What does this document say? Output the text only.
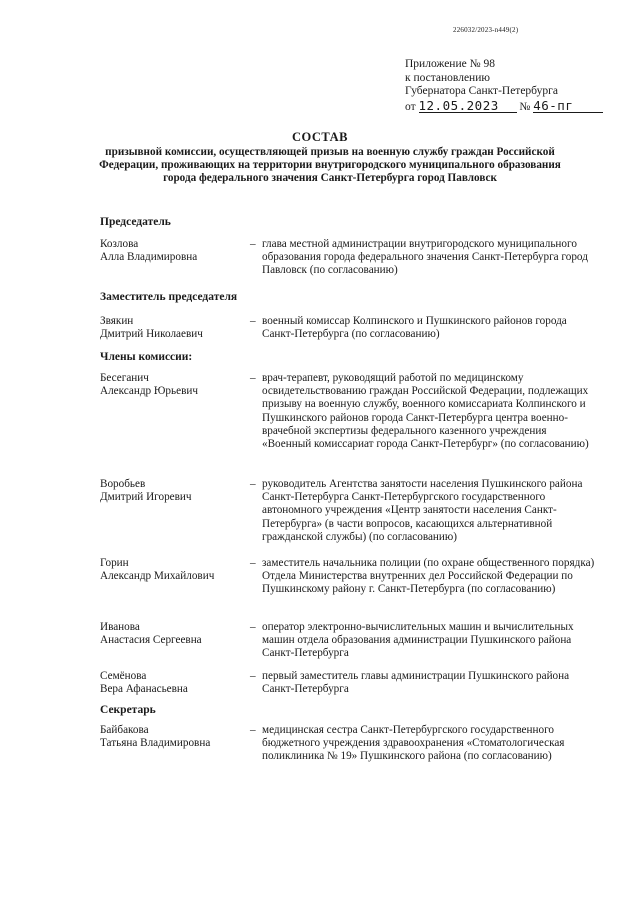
226032/2023-n449(2)
Приложение № 98
к постановлению
Губернатора Санкт-Петербурга
от 12.05.2023 № 46-пг
СОСТАВ
призывной комиссии, осуществляющей призыв на военную службу граждан Российской Федерации, проживающих на территории внутригородского муниципального образования города федерального значения Санкт-Петербурга город Павловск
Председатель
Козлова
Алла Владимировна
– глава местной администрации внутригородского муниципального образования города федерального значения Санкт-Петербурга город Павловск (по согласованию)
Заместитель председателя
Звякин
Дмитрий Николаевич
– военный комиссар Колпинского и Пушкинского районов города Санкт-Петербурга (по согласованию)
Члены комиссии:
Бесеганич
Александр Юрьевич
– врач-терапевт, руководящий работой по медицинскому освидетельствованию граждан Российской Федерации, подлежащих призыву на военную службу, военного комиссариата Колпинского и Пушкинского районов города Санкт-Петербурга центра военно-врачебной экспертизы федерального казенного учреждения «Военный комиссариат города Санкт-Петербург» (по согласованию)
Воробьев
Дмитрий Игоревич
– руководитель Агентства занятости населения Пушкинского района Санкт-Петербурга Санкт-Петербургского государственного автономного учреждения «Центр занятости населения Санкт-Петербурга» (в части вопросов, касающихся альтернативной гражданской службы) (по согласованию)
Горин
Александр Михайлович
– заместитель начальника полиции (по охране общественного порядка) Отдела Министерства внутренних дел Российской Федерации по Пушкинскому району г. Санкт-Петербурга (по согласованию)
Иванова
Анастасия Сергеевна
– оператор электронно-вычислительных машин и вычислительных машин отдела образования администрации Пушкинского района Санкт-Петербурга
Семёнова
Вера Афанасьевна
– первый заместитель главы администрации Пушкинского района Санкт-Петербурга
Секретарь
Байбакова
Татьяна Владимировна
– медицинская сестра Санкт-Петербургского государственного бюджетного учреждения здравоохранения «Стоматологическая поликлиника № 19» Пушкинского района (по согласованию)
